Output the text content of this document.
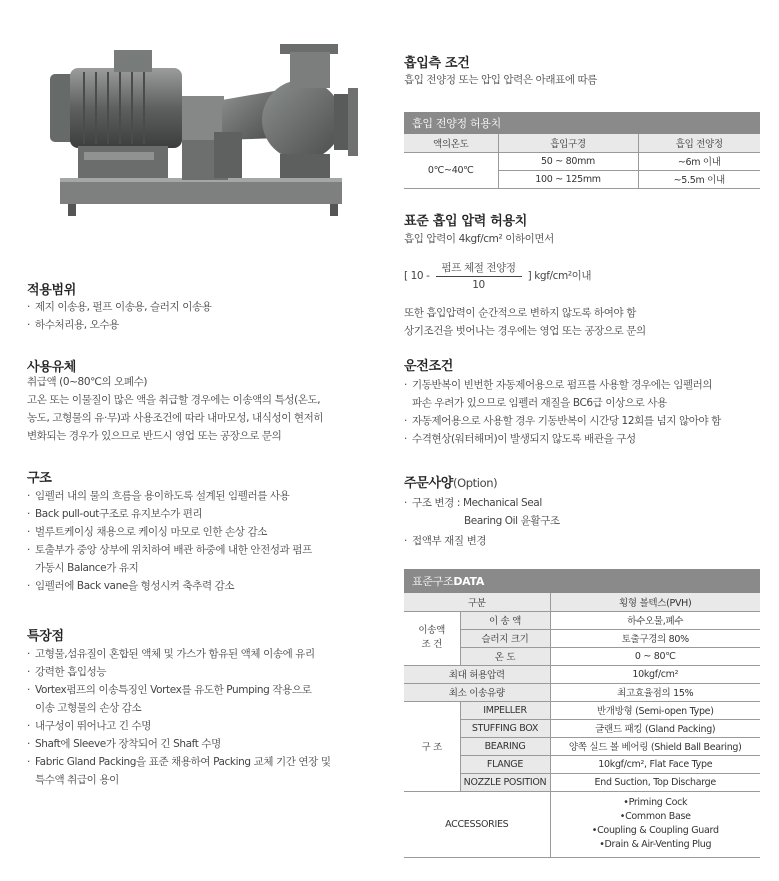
적용범위
· 제지 이송용, 펄프 이송용, 슬러지 이송용
· 하수처리용, 오수용
사용유체
취급액 (0~80℃의 오폐수)
고온 또는 이물질이 많은 액을 취급할 경우에는 이송액의 특성(온도,
농도, 고형물의 유·무)과 사용조건에 따라 내마모성, 내식성이 현저히
변화되는 경우가 있으므로 반드시 영업 또는 공장으로 문의
구조
· 임펠러 내의 물의 흐름을 용이하도록 설계된 임펠러를 사용
· Back pull-out구조로 유지보수가 편리
· 벌루트케이싱 채용으로 케이싱 마모로 인한 손상 감소
· 토출부가 중앙 상부에 위치하여 배관 하중에 내한 안전성과 펌프
가동시 Balance가 유지
· 임펠러에 Back vane을 형성시켜 축추력 감소
특장점
· 고형물,섬유질이 혼합된 액체 및 가스가 함유된 액체 이송에 유리
· 강력한 흡입성능
· Vortex펌프의 이송특징인 Vortex를 유도한 Pumping 작용으로
이송 고형물의 손상 감소
· 내구성이 뛰어나고 긴 수명
· Shaft에 Sleeve가 장착되어 긴 Shaft 수명
· Fabric Gland Packing을 표준 채용하여 Packing 교체 기간 연장 및
특수액 취급이 용이
흡입측 조건
흡입 전양정 또는 압입 압력은 아래표에 따름
흡입 전양정 허용치
액의온도	흡입구경	흡입 전양정
0℃~40℃	50 ~ 80mm	~6m 이내
	100 ~ 125mm	~5.5m 이내
표준 흡입 압력 허용치
흡입 압력이 4kgf/cm² 이하이면서
[ 10 -
펌프 체절 전양정
10
] kgf/cm²이내
또한 흡입압력이 순간적으로 변하지 않도록 하여야 함
상기조건을 벗어나는 경우에는 영업 또는 공장으로 문의
운전조건
· 기동반복이 빈번한 자동제어용으로 펌프를 사용할 경우에는 임펠러의
파손 우려가 있으므로 임펠러 재질을 BC6급 이상으로 사용
· 자동제어용으로 사용할 경우 기동반복이 시간당 12회를 넘지 않아야 함
· 수격현상(워터해머)이 발생되지 않도록 배관을 구성
주문사양(Option)
· 구조 변경 : Mechanical Seal
Bearing Oil 윤활구조
· 접액부 재질 변경
표준구조DATA
구분		횡형 볼텍스(PVH)
이송액
조 건	이 송 액	하수오물,폐수
	슬러지 크기	토출구경의 80%
	온 도	0 ~ 80℃
최대 허용압력		10kgf/cm²
최소 이송유량		최고효율점의 15%
구 조	IMPELLER	반개방형 (Semi-open Type)
	STUFFING BOX	글랜드 패킹 (Gland Packing)
	BEARING	양쪽 실드 볼 베어링 (Shield Ball Bearing)
	FLANGE	10kgf/cm², Flat Face Type
	NOZZLE POSITION	End Suction, Top Discharge
ACCESSORIES		•Priming Cock
•Common Base
•Coupling & Coupling Guard
•Drain & Air-Venting Plug
